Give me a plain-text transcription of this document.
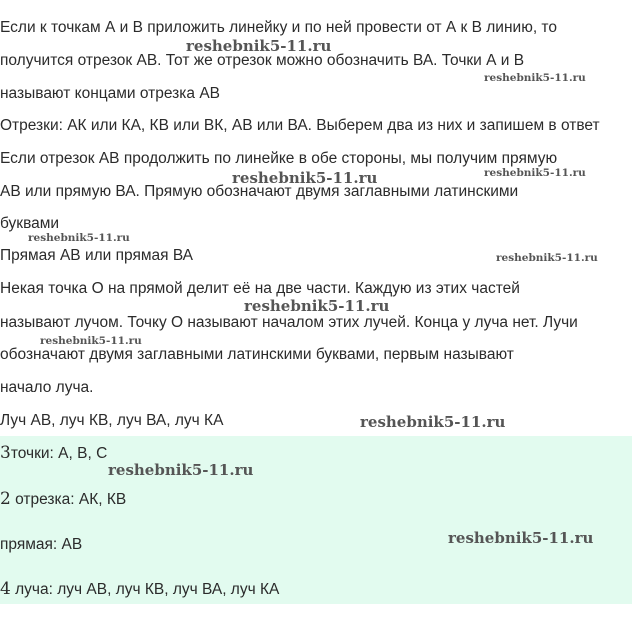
Если к точкам А и В приложить линейку и по ней провести от А к В линию, то
получится отрезок АВ. Тот же отрезок можно обозначить ВА. Точки А и В
называют концами отрезка АВ
Отрезки: АК или КА, КВ или ВК, АВ или ВА. Выберем два из них и запишем в ответ
Если отрезок АВ продолжить по линейке в обе стороны, мы получим прямую
АВ или прямую ВА. Прямую обозначают двумя заглавными латинскими
буквами
Прямая АВ или прямая ВА
Некая точка О на прямой делит её на две части. Каждую из этих частей
называют лучом. Точку О называют началом этих лучей. Конца у луча нет. Лучи
обозначают двумя заглавными латинскими буквами, первым называют
начало луча.
Луч АВ, луч КВ, луч ВА, луч КА
3точки: А, В, С
2 отрезка: АК, КВ
прямая: АВ
4 луча: луч АВ, луч КВ, луч ВА, луч КА
reshebnik5-11.ru
reshebnik5-11.ru
reshebnik5-11.ru	reshebnik5-11.ru
reshebnik5-11.ru
reshebnik5-11.ru
reshebnik5-11.ru
reshebnik5-11.ru
reshebnik5-11.ru
reshebnik5-11.ru
reshebnik5-11.ru
